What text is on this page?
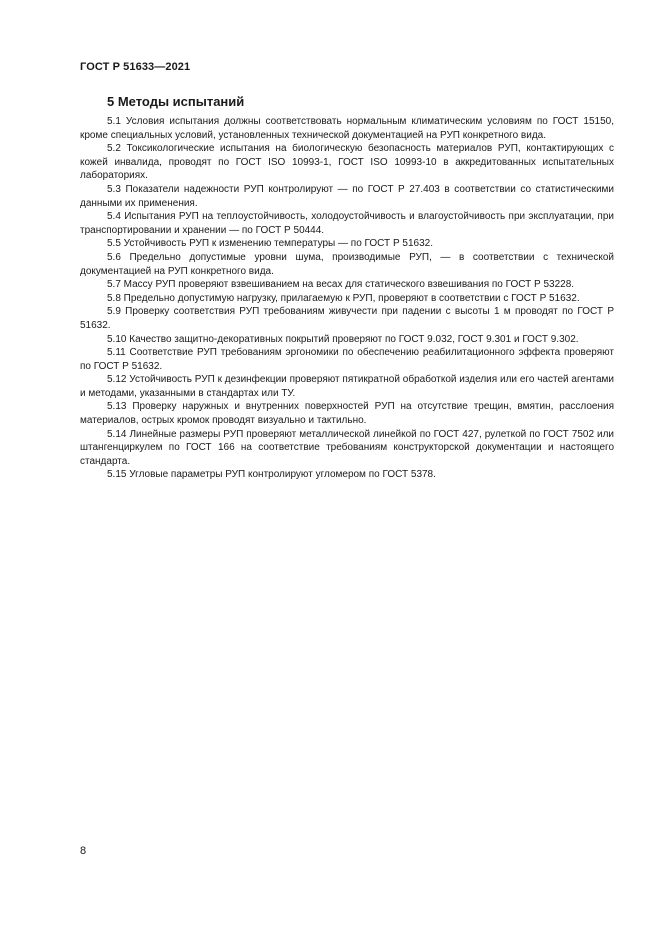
ГОСТ Р 51633—2021
5 Методы испытаний

5.1 Условия испытания должны соответствовать нормальным климатическим условиям по ГОСТ 15150, кроме специальных условий, установленных технической документацией на РУП конкретного вида.

5.2 Токсикологические испытания на биологическую безопасность материалов РУП, контактирующих с кожей инвалида, проводят по ГОСТ ISO 10993-1, ГОСТ ISO 10993-10 в аккредитованных испытательных лабораториях.

5.3 Показатели надежности РУП контролируют — по ГОСТ Р 27.403 в соответствии со статистическими данными их применения.

5.4 Испытания РУП на теплоустойчивость, холодоустойчивость и влагоустойчивость при эксплуатации, при транспортировании и хранении — по ГОСТ Р 50444.

5.5 Устойчивость РУП к изменению температуры — по ГОСТ Р 51632.

5.6 Предельно допустимые уровни шума, производимые РУП, — в соответствии с технической документацией на РУП конкретного вида.

5.7 Массу РУП проверяют взвешиванием на весах для статического взвешивания по ГОСТ Р 53228.

5.8 Предельно допустимую нагрузку, прилагаемую к РУП, проверяют в соответствии с ГОСТ Р 51632.

5.9 Проверку соответствия РУП требованиям живучести при падении с высоты 1 м проводят по ГОСТ Р 51632.

5.10 Качество защитно-декоративных покрытий проверяют по ГОСТ 9.032, ГОСТ 9.301 и ГОСТ 9.302.

5.11 Соответствие РУП требованиям эргономики по обеспечению реабилитационного эффекта проверяют по ГОСТ Р 51632.

5.12 Устойчивость РУП к дезинфекции проверяют пятикратной обработкой изделия или его частей агентами и методами, указанными в стандартах или ТУ.

5.13 Проверку наружных и внутренних поверхностей РУП на отсутствие трещин, вмятин, расслоения материалов, острых кромок проводят визуально и тактильно.

5.14 Линейные размеры РУП проверяют металлической линейкой по ГОСТ 427, рулеткой по ГОСТ 7502 или штангенциркулем по ГОСТ 166 на соответствие требованиям конструкторской документации и настоящего стандарта.

5.15 Угловые параметры РУП контролируют угломером по ГОСТ 5378.

8
